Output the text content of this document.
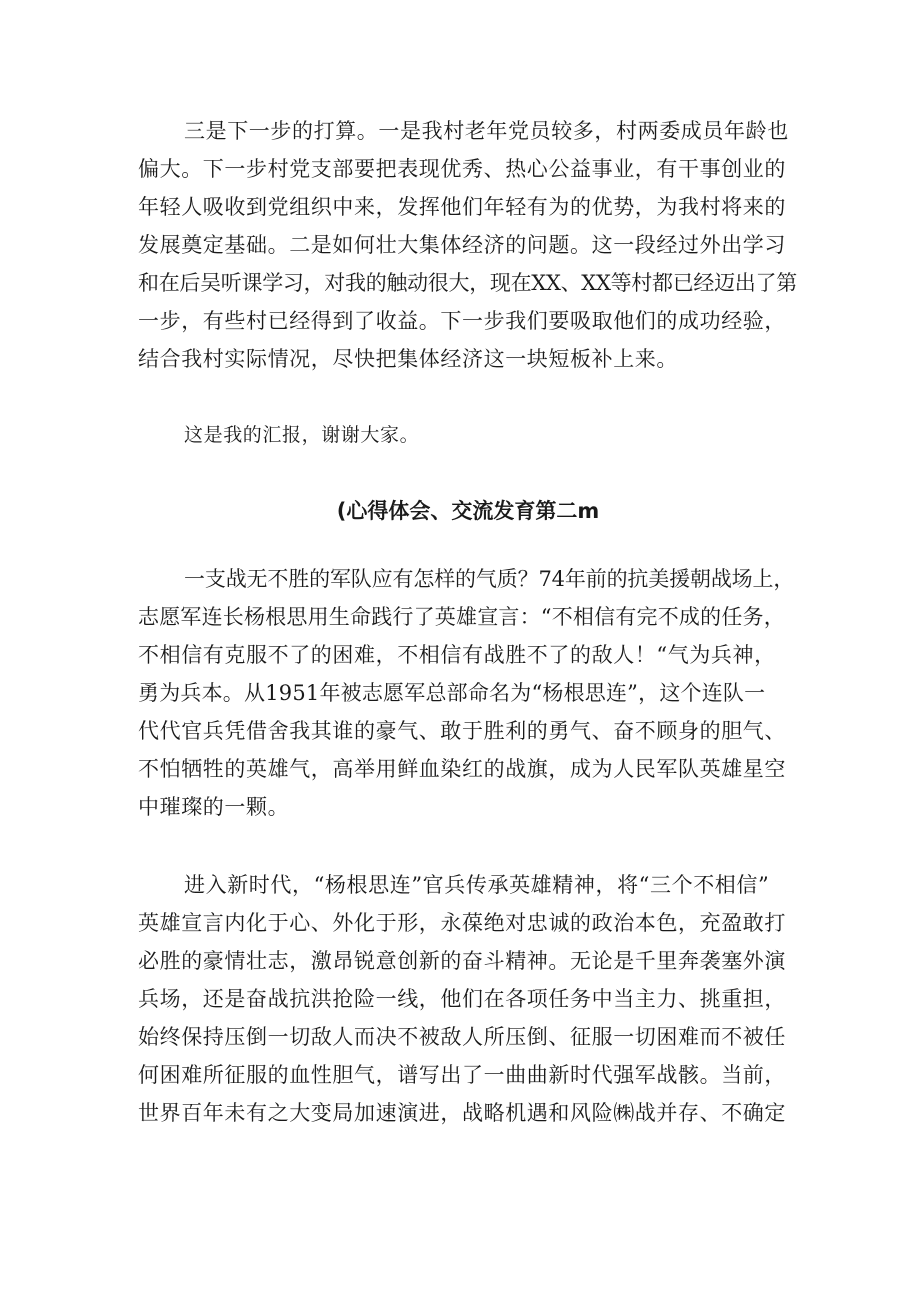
三是下一步的打算。一是我村老年党员较多，村两委成员年龄也
偏大。下一步村党支部要把表现优秀、热心公益事业，有干事创业的
年轻人吸收到党组织中来，发挥他们年轻有为的优势，为我村将来的
发展奠定基础。二是如何壮大集体经济的问题。这一段经过外出学习
和在后吴听课学习，对我的触动很大，现在XX、XX等村都已经迈出了第
一步，有些村已经得到了收益。下一步我们要吸取他们的成功经验，
结合我村实际情况，尽快把集体经济这一块短板补上来。
这是我的汇报，谢谢大家。
(心得体会、交流发育第二m
一支战无不胜的军队应有怎样的气质？74年前的抗美援朝战场上，
志愿军连长杨根思用生命践行了英雄宣言：“不相信有完不成的任务，
不相信有克服不了的困难，不相信有战胜不了的敌人！“气为兵神，
勇为兵本。从1951年被志愿军总部命名为“杨根思连”，这个连队一
代代官兵凭借舍我其谁的豪气、敢于胜利的勇气、奋不顾身的胆气、
不怕牺牲的英雄气，高举用鲜血染红的战旗，成为人民军队英雄星空
中璀璨的一颗。
进入新时代，“杨根思连”官兵传承英雄精神，将“三个不相信”
英雄宣言内化于心、外化于形，永葆绝对忠诚的政治本色，充盈敢打
必胜的豪情壮志，激昂锐意创新的奋斗精神。无论是千里奔袭塞外演
兵场，还是奋战抗洪抢险一线，他们在各项任务中当主力、挑重担，
始终保持压倒一切敌人而决不被敌人所压倒、征服一切困难而不被任
何困难所征服的血性胆气，谱写出了一曲曲新时代强军战骸。当前，
世界百年未有之大变局加速演进，战略机遇和风险㈱战并存、不确定
